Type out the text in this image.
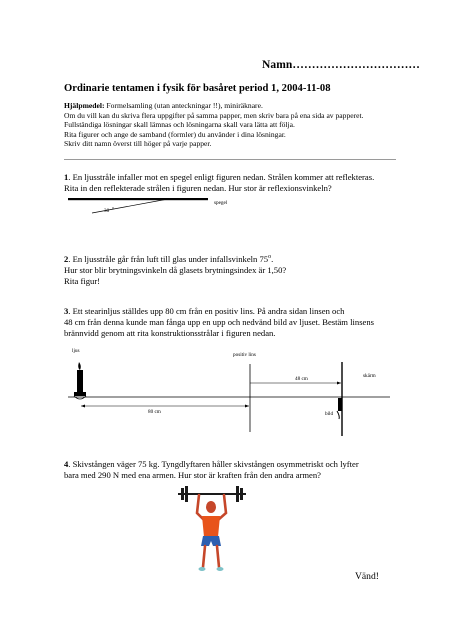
Namn……………………………
Ordinarie tentamen i fysik för basåret period 1, 2004-11-08
Hjälpmedel: Formelsamling (utan anteckningar !!), miniräknare.
Om du vill kan du skriva flera uppgifter på samma papper, men skriv bara på ena sida av papperet.
Fullständiga lösningar skall lämnas och lösningarna skall vara lätta att följa.
Rita figurer och ange de samband (formler) du använder i dina lösningar.
Skriv ditt namn överst till höger på varje papper.
1. En ljusstråle infaller mot en spegel enligt figuren nedan. Strålen kommer att reflekteras.
Rita in den reflekterade strålen i figuren nedan. Hur stor är reflexionsvinkeln?
2. En ljusstråle går från luft till glas under infallsvinkeln 75$^o$.
Hur stor blir brytningsvinkeln då glasets brytningsindex är 1,50?
Rita figur!
3. Ett stearinljus ställdes upp 80 cm från en positiv lins. På andra sidan linsen och
48 cm från denna kunde man fånga upp en upp och nedvänd bild av ljuset. Bestäm linsens
brännvidd genom att rita konstruktionsstrålar i figuren nedan.
4. Skivstången väger 75 kg. Tyngdlyftaren håller skivstången osymmetriskt och lyfter
bara med 290 N med ena armen. Hur stor är kraften från den andra armen?
Vänd!
30 o
spegel
ljus
positiv lins
skärm
bild
48 cm
80 cm
